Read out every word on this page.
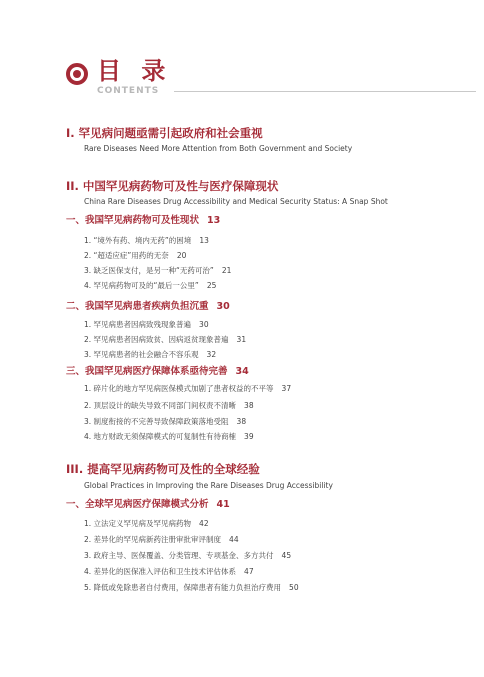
目 录
CONTENTS
I. 罕见病问题亟需引起政府和社会重视
Rare Diseases Need More Attention from Both Government and Society
II. 中国罕见病药物可及性与医疗保障现状
China Rare Diseases Drug Accessibility and Medical Security Status: A Snap Shot
一、我国罕见病药物可及性现状 13
1. “境外有药、境内无药”的困境 13
2. “超适应症”用药的无奈 20
3. 缺乏医保支付，是另一种“无药可治” 21
4. 罕见病药物可及的“最后一公里” 25
二、我国罕见病患者疾病负担沉重 30
1. 罕见病患者因病致残现象普遍 30
2. 罕见病患者因病致贫、因病返贫现象普遍 31
3. 罕见病患者的社会融合不容乐观 32
三、我国罕见病医疗保障体系亟待完善 34
1. 碎片化的地方罕见病医保模式加剧了患者权益的不平等 37
2. 顶层设计的缺失导致不同部门间权责不清晰 38
3. 制度衔接的不完善导致保障政策落地受阻 38
4. 地方财政无须保障模式的可复制性有待商榷 39
III. 提高罕见病药物可及性的全球经验
Global Practices in Improving the Rare Diseases Drug Accessibility
一、全球罕见病医疗保障模式分析 41
1. 立法定义罕见病及罕见病药物 42
2. 差异化的罕见病新药注册审批审评制度 44
3. 政府主导、医保覆盖、分类管理、专项基金、多方共付 45
4. 差异化的医保准入评估和卫生技术评估体系 47
5. 降低或免除患者自付费用，保障患者有能力负担治疗费用 50
